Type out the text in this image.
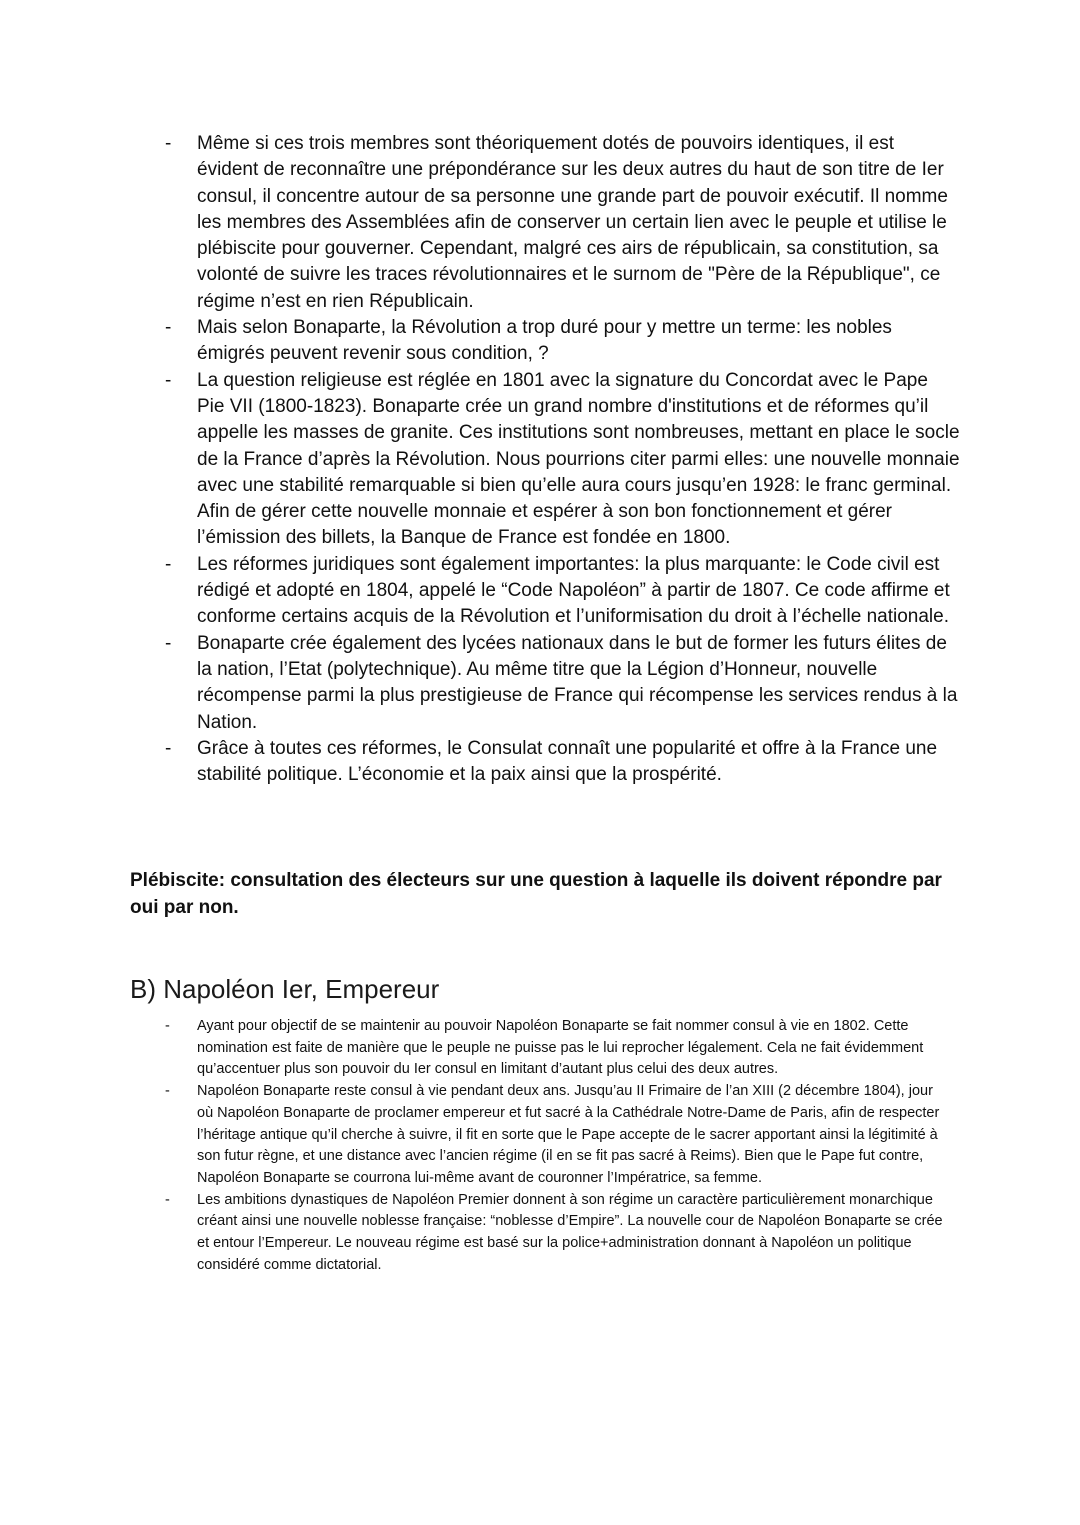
- Même si ces trois membres sont théoriquement dotés de pouvoirs identiques, il est évident de reconnaître une prépondérance sur les deux autres du haut de son titre de Ier consul, il concentre autour de sa personne une grande part de pouvoir exécutif. Il nomme les membres des Assemblées afin de conserver un certain lien avec le peuple et utilise le plébiscite pour gouverner. Cependant, malgré ces airs de républicain, sa constitution, sa volonté de suivre les traces révolutionnaires et le surnom de "Père de la République", ce régime n’est en rien Républicain.
- Mais selon Bonaparte, la Révolution a trop duré pour y mettre un terme: les nobles émigrés peuvent revenir sous condition, ?
- La question religieuse est réglée en 1801 avec la signature du Concordat avec le Pape Pie VII (1800-1823). Bonaparte crée un grand nombre d'institutions et de réformes qu’il appelle les masses de granite. Ces institutions sont nombreuses, mettant en place le socle de la France d’après la Révolution. Nous pourrions citer parmi elles: une nouvelle monnaie avec une stabilité remarquable si bien qu’elle aura cours jusqu’en 1928: le franc germinal. Afin de gérer cette nouvelle monnaie et espérer à son bon fonctionnement et gérer l’émission des billets, la Banque de France est fondée en 1800.
- Les réformes juridiques sont également importantes: la plus marquante: le Code civil est rédigé et adopté en 1804, appelé le “Code Napoléon” à partir de 1807. Ce code affirme et conforme certains acquis de la Révolution et l’uniformisation du droit à l’échelle nationale.
- Bonaparte crée également des lycées nationaux dans le but de former les futurs élites de la nation, l’Etat (polytechnique). Au même titre que la Légion d’Honneur, nouvelle récompense parmi la plus prestigieuse de France qui récompense les services rendus à la Nation.
- Grâce à toutes ces réformes, le Consulat connaît une popularité et offre à la France une stabilité politique. L’économie et la paix ainsi que la prospérité.

Plébiscite: consultation des électeurs sur une question à laquelle ils doivent répondre par oui par non.

B) Napoléon Ier, Empereur
- Ayant pour objectif de se maintenir au pouvoir Napoléon Bonaparte se fait nommer consul à vie en 1802. Cette nomination est faite de manière que le peuple ne puisse pas le lui reprocher légalement. Cela ne fait évidemment qu’accentuer plus son pouvoir du Ier consul en limitant d’autant plus celui des deux autres.
- Napoléon Bonaparte reste consul à vie pendant deux ans. Jusqu’au II Frimaire de l’an XIII (2 décembre 1804), jour où Napoléon Bonaparte de proclamer empereur et fut sacré à la Cathédrale Notre-Dame de Paris, afin de respecter l’héritage antique qu’il cherche à suivre, il fit en sorte que le Pape accepte de le sacrer apportant ainsi la légitimité à son futur règne, et une distance avec l’ancien régime (il en se fit pas sacré à Reims). Bien que le Pape fut contre, Napoléon Bonaparte se courrona lui-même avant de couronner l’Impératrice, sa femme.
- Les ambitions dynastiques de Napoléon Premier donnent à son régime un caractère particulièrement monarchique créant ainsi une nouvelle noblesse française: “noblesse d’Empire”. La nouvelle cour de Napoléon Bonaparte se crée et entour l’Empereur. Le nouveau régime est basé sur la police+administration donnant à Napoléon un politique considéré comme dictatorial.
